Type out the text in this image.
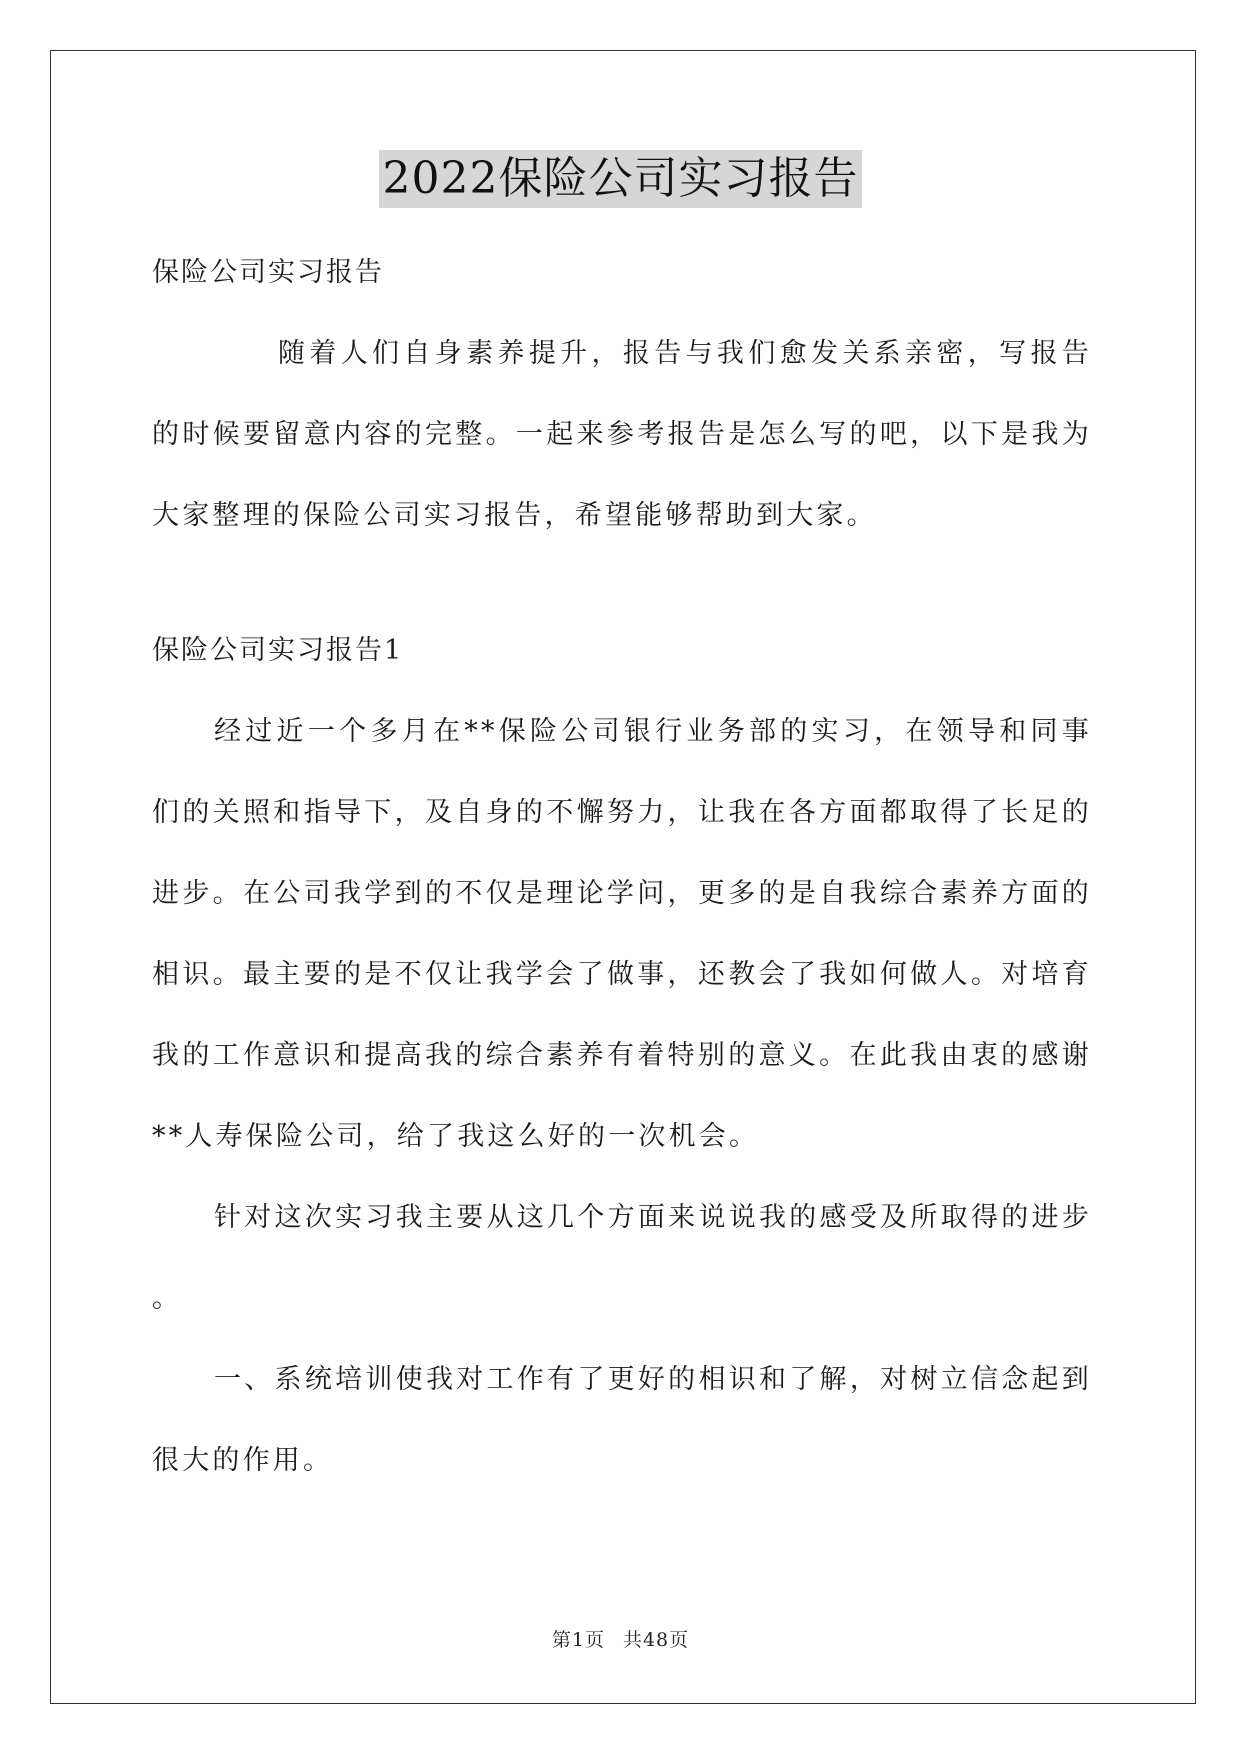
2022保险公司实习报告

保险公司实习报告

随着人们自身素养提升，报告与我们愈发关系亲密，写报告的时候要留意内容的完整。一起来参考报告是怎么写的吧，以下是我为大家整理的保险公司实习报告，希望能够帮助到大家。

保险公司实习报告1

经过近一个多月在**保险公司银行业务部的实习，在领导和同事们的关照和指导下，及自身的不懈努力，让我在各方面都取得了长足的进步。在公司我学到的不仅是理论学问，更多的是自我综合素养方面的相识。最主要的是不仅让我学会了做事，还教会了我如何做人。对培育我的工作意识和提高我的综合素养有着特别的意义。在此我由衷的感谢**人寿保险公司，给了我这么好的一次机会。

针对这次实习我主要从这几个方面来说说我的感受及所取得的进步 。

一、系统培训使我对工作有了更好的相识和了解，对树立信念起到很大的作用。

第1页 共48页
